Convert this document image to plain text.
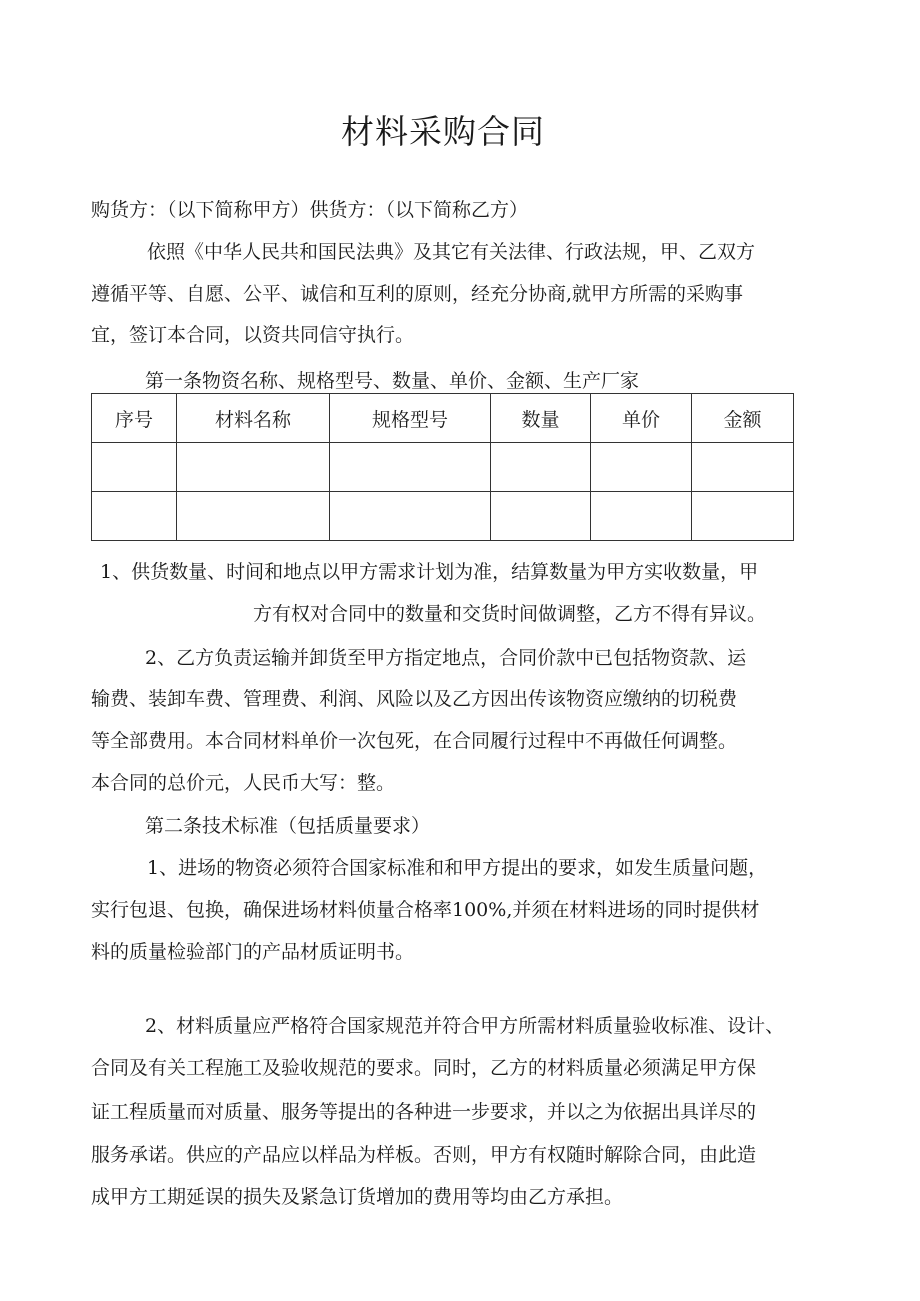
材料采购合同
购货方：（以下简称甲方）供货方：（以下简称乙方）
依照《中华人民共和国民法典》及其它有关法律、行政法规，甲、乙双方
遵循平等、自愿、公平、诚信和互利的原则，经充分协商,就甲方所需的采购事
宜，签订本合同，以资共同信守执行。
第一条物资名称、规格型号、数量、单价、金额、生产厂家
序号	材料名称	规格型号	数量	单价	金额

1、供货数量、时间和地点以甲方需求计划为准，结算数量为甲方实收数量，甲
方有权对合同中的数量和交货时间做调整，乙方不得有异议。
2、乙方负责运输并卸货至甲方指定地点，合同价款中已包括物资款、运
输费、装卸车费、管理费、利润、风险以及乙方因出传该物资应缴纳的切税费
等全部费用。本合同材料单价一次包死，在合同履行过程中不再做任何调整。
本合同的总价元，人民币大写：整。
第二条技术标准（包括质量要求）
1、进场的物资必须符合国家标准和和甲方提出的要求，如发生质量问题，
实行包退、包换，确保进场材料侦量合格率100%,并须在材料进场的同时提供材
料的质量检验部门的产品材质证明书。
2、材料质量应严格符合国家规范并符合甲方所需材料质量验收标准、设计、
合同及有关工程施工及验收规范的要求。同时，乙方的材料质量必须满足甲方保
证工程质量而对质量、服务等提出的各种进一步要求，并以之为依据出具详尽的
服务承诺。供应的产品应以样品为样板。否则，甲方有权随时解除合同，由此造
成甲方工期延误的损失及紧急订货增加的费用等均由乙方承担。
